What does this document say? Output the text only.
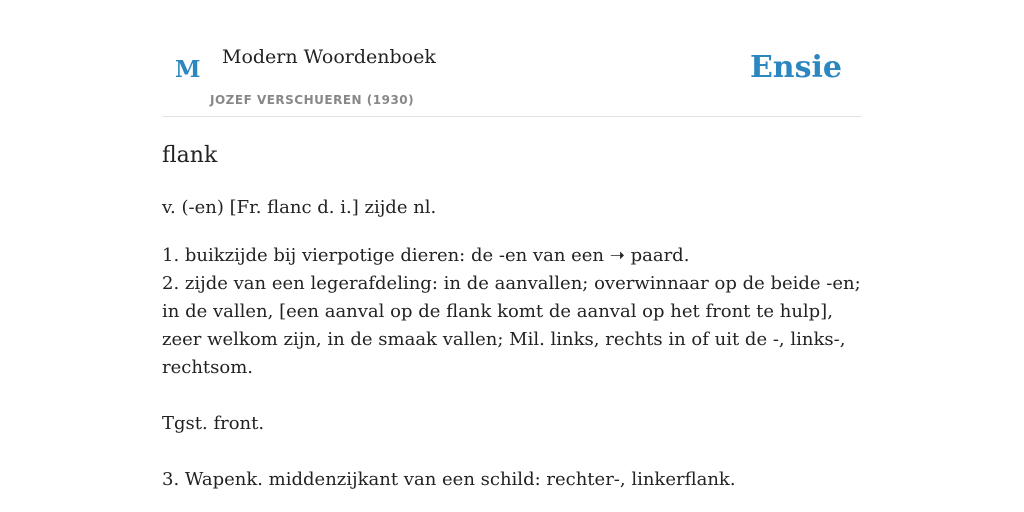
M Modern Woordenboek
JOZEF VERSCHUEREN (1930)
Ensie
flank
v. (-en) [Fr. flanc d. i.] zijde nl.
1. buikzijde bij vierpotige dieren: de -en van een ➝ paard.
2. zijde van een legerafdeling: in de aanvallen; overwinnaar op de beide -en; in de vallen, [een aanval op de flank komt de aanval op het front te hulp], zeer welkom zijn, in de smaak vallen; Mil. links, rechts in of uit de -, links-, rechtsom.
Tgst. front.
3. Wapenk. middenzijkant van een schild: rechter-, linkerflank.
